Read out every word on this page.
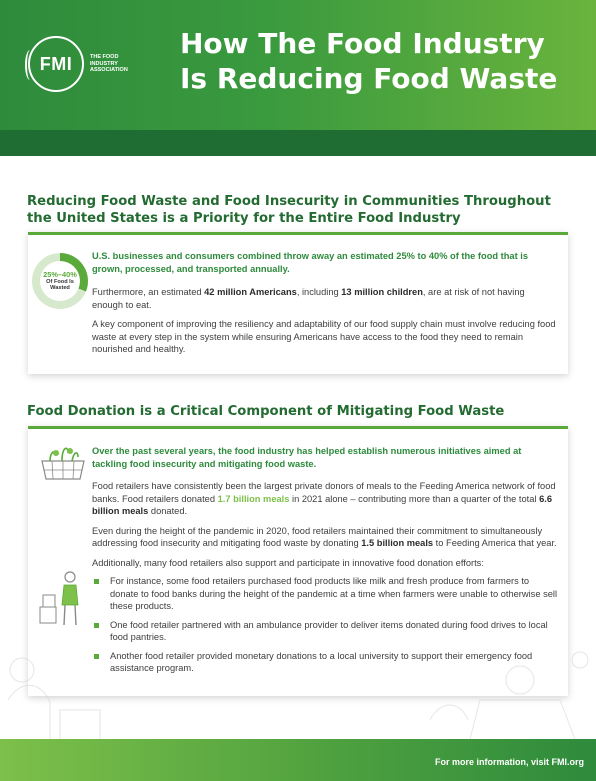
FMI	THE FOOD INDUSTRY ASSOCIATION
How The Food Industry
Is Reducing Food Waste
Reducing Food Waste and Food Insecurity in Communities Throughout
the United States is a Priority for the Entire Food Industry
25%–40%
Of Food Is
Wasted
U.S. businesses and consumers combined throw away an estimated 25% to 40% of the food that is grown, processed, and transported annually.
Furthermore, an estimated 42 million Americans, including 13 million children, are at risk of not having enough to eat.
A key component of improving the resiliency and adaptability of our food supply chain must involve reducing food waste at every step in the system while ensuring Americans have access to the food they need to remain nourished and healthy.
Food Donation is a Critical Component of Mitigating Food Waste
Over the past several years, the food industry has helped establish numerous initiatives aimed at tackling food insecurity and mitigating food waste.
Food retailers have consistently been the largest private donors of meals to the Feeding America network of food banks. Food retailers donated 1.7 billion meals in 2021 alone – contributing more than a quarter of the total 6.6 billion meals donated.
Even during the height of the pandemic in 2020, food retailers maintained their commitment to simultaneously addressing food insecurity and mitigating food waste by donating 1.5 billion meals to Feeding America that year.
Additionally, many food retailers also support and participate in innovative food donation efforts:
For instance, some food retailers purchased food products like milk and fresh produce from farmers to donate to food banks during the height of the pandemic at a time when farmers were unable to otherwise sell these products.
One food retailer partnered with an ambulance provider to deliver items donated during food drives to local food pantries.
Another food retailer provided monetary donations to a local university to support their emergency food assistance program.
For more information, visit FMI.org
